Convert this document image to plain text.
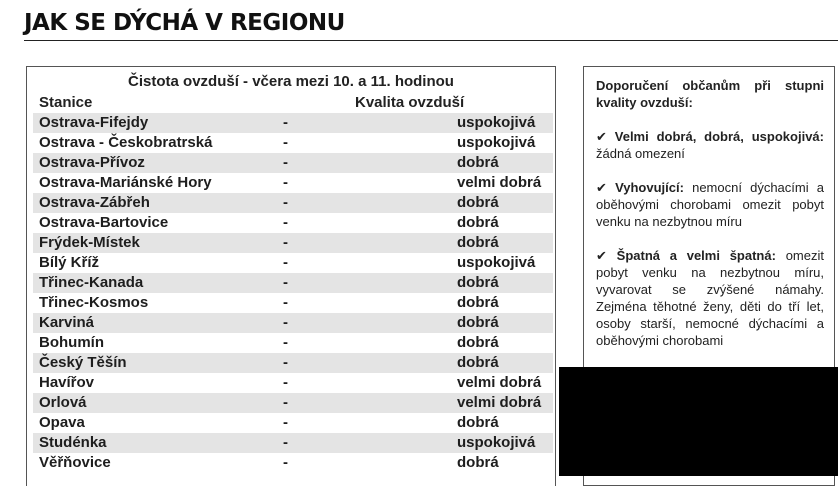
JAK SE DÝCHÁ V REGIONU
Čistota ovzduší - včera mezi 10. a 11. hodinou
Stanice	Kvalita ovzduší
Ostrava-Fifejdy	-	uspokojivá
Ostrava - Českobratrská	-	uspokojivá
Ostrava-Přívoz	-	dobrá
Ostrava-Mariánské Hory	-	velmi dobrá
Ostrava-Zábřeh	-	dobrá
Ostrava-Bartovice	-	dobrá
Frýdek-Místek	-	dobrá
Bílý Kříž	-	uspokojivá
Třinec-Kanada	-	dobrá
Třinec-Kosmos	-	dobrá
Karviná	-	dobrá
Bohumín	-	dobrá
Český Těšín	-	dobrá
Havířov	-	velmi dobrá
Orlová	-	velmi dobrá
Opava	-	dobrá
Studénka	-	uspokojivá
Věřňovice	-	dobrá
Doporučení občanům při stupni kvality ovzduší:
✔ Velmi dobrá, dobrá, uspokojivá: žádná omezení
✔ Vyhovující: nemocní dýchacími a oběhovými chorobami omezit pobyt venku na nezbytnou míru
✔ Špatná a velmi špatná: omezit pobyt venku na nezbytnou míru, vyvarovat se zvýšené námahy. Zejména těhotné ženy, děti do tří let, osoby starší, nemocné dýchacími a oběhovými chorobami
